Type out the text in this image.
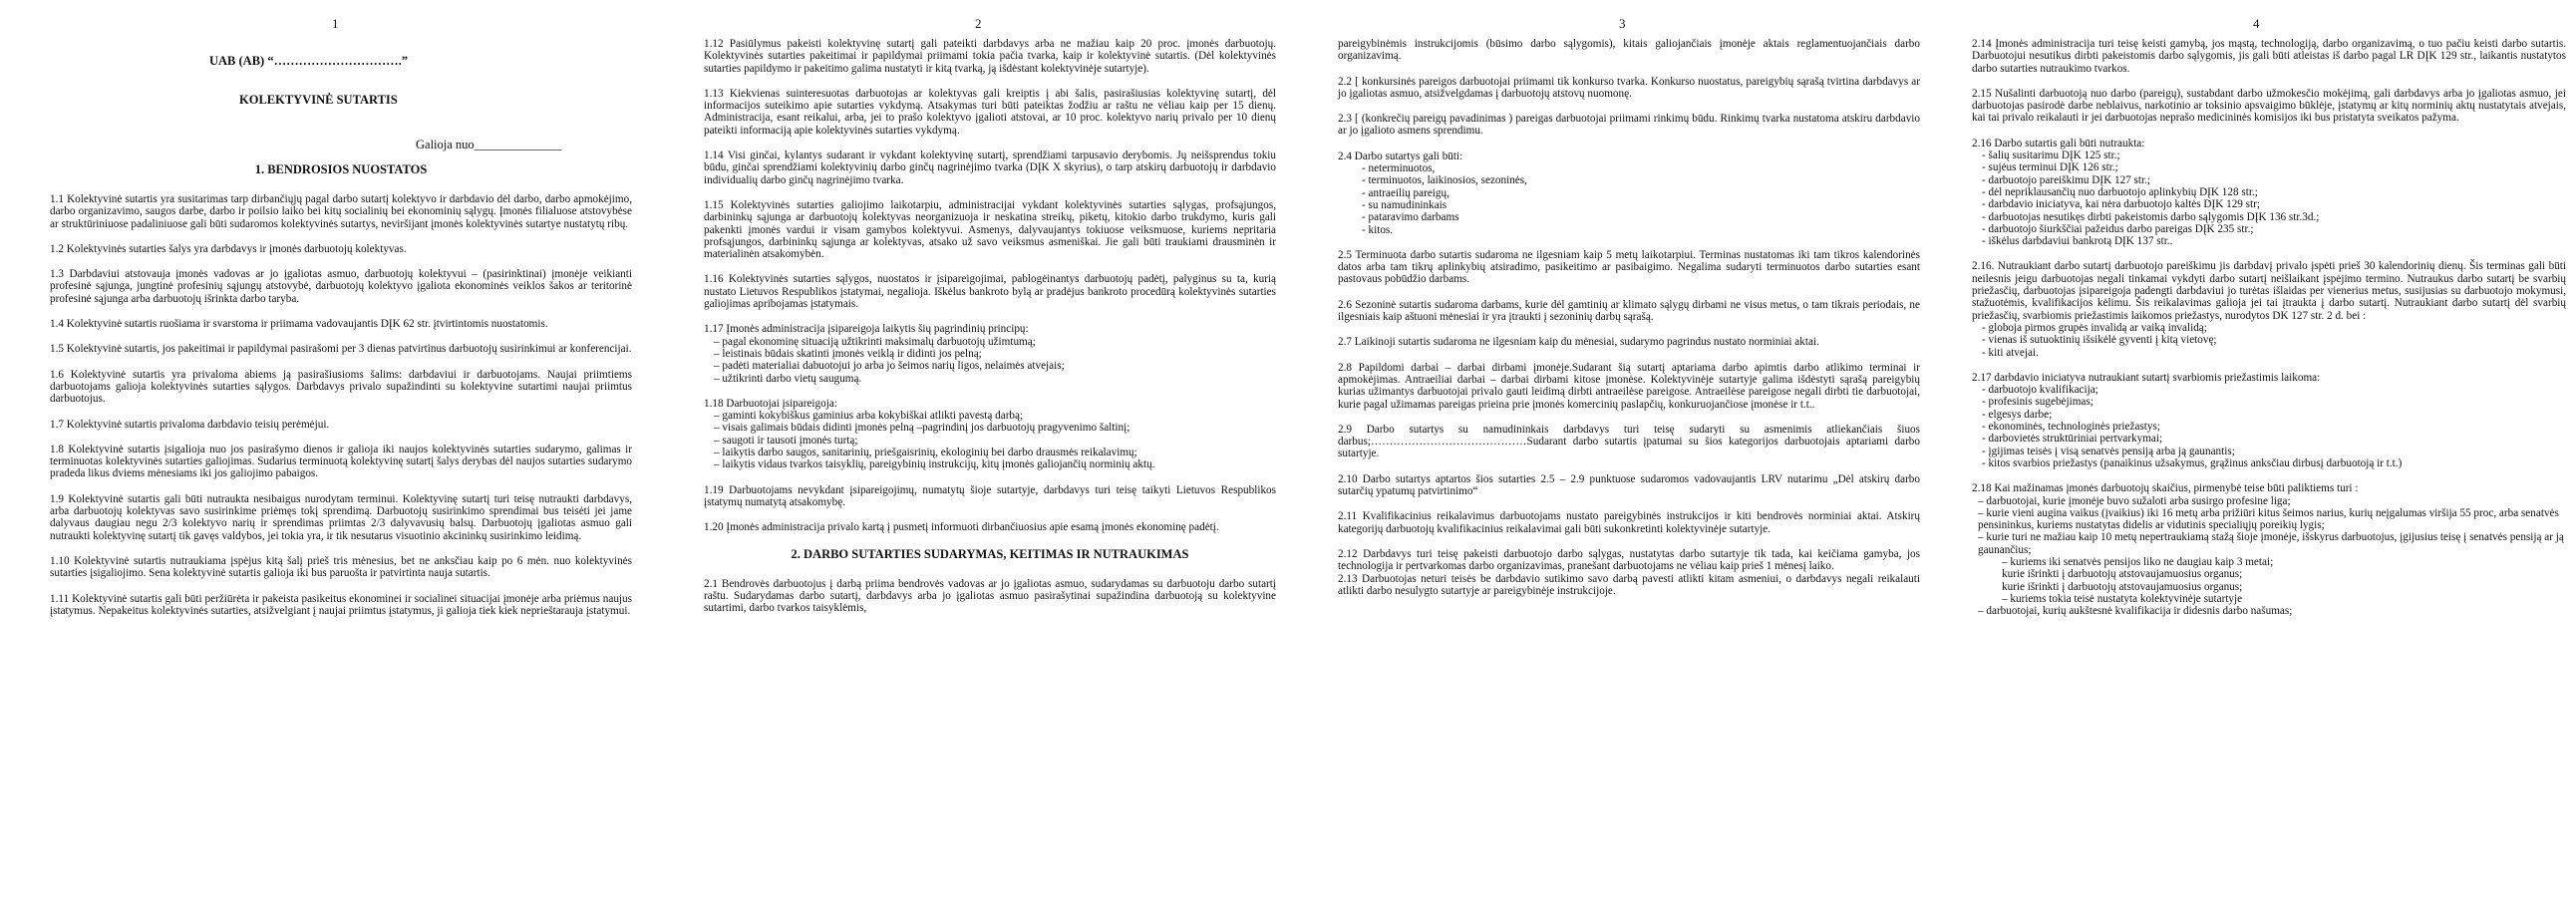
1
UAB (AB) “………………………….”
KOLEKTYVINĖ SUTARTIS
Galioja nuo______________
1. BENDROSIOS NUOSTATOS

1.1 Kolektyvinė sutartis yra susitarimas tarp dirbančiųjų pagal darbo sutartį kolektyvo ir darbdavio dėl darbo, darbo apmokėjimo, darbo organizavimo, saugos darbe, darbo ir poilsio laiko bei kitų socialinių bei ekonominių sąlygų. Įmonės filialuose atstovybėse ar struktūriniuose padaliniuose gali būti sudaromos kolektyvinės sutartys, neviršijant įmonės kolektyvinės sutartye nustatytų ribų.

1.2 Kolektyvinės sutarties šalys yra darbdavys ir įmonės darbuotojų kolektyvas.

1.3 Darbdaviui atstovauja įmonės vadovas ar jo įgaliotas asmuo, darbuotojų kolektyvui – (pasirinktinai) įmonėje veikianti profesinė sąjunga, jungtinė profesinių sąjungų atstovybė, darbuotojų kolektyvo įgaliota ekonominės veiklos šakos ar teritorinė profesinė sąjunga arba darbuotojų išrinkta darbo taryba.

1.4 Kolektyvinė sutartis ruošiama ir svarstoma ir priimama vadovaujantis DĮK 62 str. įtvirtintomis nuostatomis.

1.5 Kolektyvinė sutartis, jos pakeitimai ir papildymai pasirašomi per 3 dienas patvirtinus darbuotojų susirinkimui ar konferencijai.

1.6 Kolektyvinė sutartis yra privaloma abiems ją pasirašiusioms šalims: darbdaviui ir darbuotojams. Naujai priimtiems darbuotojams galioja kolektyvinės sutarties sąlygos. Darbdavys privalo supažindinti su kolektyvine sutartimi naujai priimtus darbuotojus.

1.7 Kolektyvinė sutartis privaloma darbdavio teisių perėmėjui.

1.8 Kolektyvinė sutartis įsigalioja nuo jos pasirašymo dienos ir galioja iki naujos kolektyvinės sutarties sudarymo, galimas ir terminuotas kolektyvinės sutarties galiojimas. Sudarius terminuotą kolektyvinę sutartį šalys derybas dėl naujos sutarties sudarymo pradeda likus dviems mėnesiams iki jos galiojimo pabaigos.

1.9 Kolektyvinė sutartis gali būti nutraukta nesibaigus nurodytam terminui. Kolektyvinę sutartį turi teisę nutraukti darbdavys, arba darbuotojų kolektyvas savo susirinkime priėmęs tokį sprendimą. Darbuotojų susirinkimo sprendimai bus teisėti jei jame dalyvaus daugiau negu 2/3 kolektyvo narių ir sprendimas priimtas 2/3 dalyvavusių balsų. Darbuotojų įgaliotas asmuo gali nutraukti kolektyvinę sutartį tik gavęs valdybos, jei tokia yra, ir tik nesutarus visuotinio akcininkų susirinkimo leidimą.

1.10 Kolektyvinė sutartis nutraukiama įspėjus kitą šalį prieš tris mėnesius, bet ne anksčiau kaip po 6 mėn. nuo kolektyvinės sutarties įsigaliojimo. Sena kolektyvinė sutartis galioja iki bus paruošta ir patvirtinta nauja sutartis.

1.11 Kolektyvinė sutartis gali būti peržiūrėta ir pakeista pasikeitus ekonominei ir socialinei situacijai įmonėje arba priėmus naujus įstatymus. Nepakeitus kolektyvinės sutarties, atsižvelgiant į naujai priimtus įstatymus, ji galioja tiek kiek neprieštarauja įstatymui.

2

1.12 Pasiūlymus pakeisti kolektyvinę sutartį gali pateikti darbdavys arba ne mažiau kaip 20 proc. įmonės darbuotojų. Kolektyvinės sutarties pakeitimai ir papildymai priimami tokia pačia tvarka, kaip ir kolektyvinė sutartis. (Dėl kolektyvinės sutarties papildymo ir pakeitimo galima nustatyti ir kitą tvarką, ją išdėstant kolektyvinėje sutartyje).

1.13 Kiekvienas suinteresuotas darbuotojas ar kolektyvas gali kreiptis į abi šalis, pasirašiusias kolektyvinę sutartį, dėl informacijos suteikimo apie sutarties vykdymą. Atsakymas turi būti pateiktas žodžiu ar raštu ne vėliau kaip per 15 dienų. Administracija, esant reikalui, arba, jei to prašo kolektyvo įgalioti atstovai, ar 10 proc. kolektyvo narių privalo per 10 dienų pateikti informaciją apie kolektyvinės sutarties vykdymą.

1.14 Visi ginčai, kylantys sudarant ir vykdant kolektyvinę sutartį, sprendžiami tarpusavio derybomis. Jų neišsprendus tokiu būdu, ginčai sprendžiami kolektyvinių darbo ginčų nagrinėjimo tvarka (DĮK X skyrius), o tarp atskirų darbuotojų ir darbdavio individualių darbo ginčų nagrinėjimo tvarka.

1.15 Kolektyvinės sutarties galiojimo laikotarpiu, administracijai vykdant kolektyvinės sutarties sąlygas, profsąjungos, darbininkų sąjunga ar darbuotojų kolektyvas neorganizuoja ir neskatina streikų, piketų, kitokio darbo trukdymo, kuris gali pakenkti įmonės vardui ir visam gamybos kolektyvui. Asmenys, dalyvaujantys tokiuose veiksmuose, kuriems nepritaria profsąjungos, darbininkų sąjunga ar kolektyvas, atsako už savo veiksmus asmeniškai. Jie gali būti traukiami drausminėn ir materialinėn atsakomybėn.

1.16 Kolektyvinės sutarties sąlygos, nuostatos ir įsipareigojimai, pablogėinantys darbuotojų padėtį, palyginus su ta, kurią nustato Lietuvos Respublikos įstatymai, negalioja. Iškėlus bankroto bylą ar pradėjus bankroto procedūrą kolektyvinės sutarties galiojimas apribojamas įstatymais.

1.17 Įmonės administracija įsipareigoja laikytis šių pagrindinių principų:

– pagal ekonominę situaciją užtikrinti maksimalų darbuotojų užimtumą;
– leistinais būdais skatinti įmonės veiklą ir didinti jos pelną;
– padėti materialiai dabuotojui jo arba jo šeimos narių ligos, nelaimės atvejais;
– užtikrinti darbo vietų saugumą.

1.18 Darbuotojai įsipareigoja:

– gaminti kokybiškus gaminius arba kokybiškai atlikti pavestą darbą;
– visais galimais būdais didinti įmonės pelną –pagrindinį jos darbuotojų pragyvenimo šaltinį;
– saugoti ir tausoti įmonės turtą;
– laikytis darbo saugos, sanitarinių, priešgaisrinių, ekologinių bei darbo drausmės reikalavimų;
– laikytis vidaus tvarkos taisyklių, pareigybinių instrukcijų, kitų įmonės galiojančių norminių aktų.

1.19 Darbuotojams nevykdant įsipareigojimų, numatytų šioje sutartyje, darbdavys turi teisę taikyti Lietuvos Respublikos įstatymų numatytą atsakomybę.

1.20 Įmonės administracija privalo kartą į pusmetį informuoti dirbančiuosius apie esamą įmonės ekonominę padėtį.

2. DARBO SUTARTIES SUDARYMAS, KEITIMAS IR NUTRAUKIMAS

2.1 Bendrovės darbuotojus į darbą priima bendrovės vadovas ar jo įgaliotas asmuo, sudarydamas su darbuotoju darbo sutartį raštu. Sudarydamas darbo sutartį, darbdavys arba jo įgaliotas asmuo pasirašytinai supažindina darbuotoją su kolektyvine sutartimi, darbo tvarkos taisyklėmis,

3

pareigybinėmis instrukcijomis (būsimo darbo sąlygomis), kitais galiojančiais įmonėje aktais reglamentuojančiais darbo organizavimą.

2.2 [ konkursinės pareigos darbuotojai priimami tik konkurso tvarka. Konkurso nuostatus, pareigybių sąrašą tvirtina darbdavys ar jo įgaliotas asmuo, atsižvelgdamas į darbuotojų atstovų nuomonę.

2.3 [ (konkrečių pareigų pavadinimas ) pareigas darbuotojai priimami rinkimų būdu. Rinkimų tvarka nustatoma atskiru darbdavio ar jo įgalioto asmens sprendimu.

2.4 Darbo sutartys gali būti:

- neterminuotos,
- terminuotos, laikinosios, sezoninės,
- antraeilių pareigų,
- su namudininkais
- pataravimo darbams
- kitos.

2.5 Terminuota darbo sutartis sudaroma ne ilgesniam kaip 5 metų laikotarpiui. Terminas nustatomas iki tam tikros kalendorinės datos arba tam tikrų aplinkybių atsiradimo, pasikeitimo ar pasibaigimo. Negalima sudaryti terminuotos darbo sutarties esant pastovaus pobūdžio darbams.

2.6 Sezoninė sutartis sudaroma darbams, kurie dėl gamtinių ar klimato sąlygų dirbami ne visus metus, o tam tikrais periodais, ne ilgesniais kaip aštuoni mėnesiai ir yra įtraukti į sezoninių darbų sąrašą.

2.7 Laikinoji sutartis sudaroma ne ilgesniam kaip du mėnesiai, sudarymo pagrindus nustato norminiai aktai.

2.8 Papildomi darbai – darbai dirbami įmonėje.Sudarant šią sutartį aptariama darbo apimtis darbo atlikimo terminai ir apmokėjimas. Antraeiliai darbai – darbai dirbami kitose įmonėse. Kolektyvinėje sutartyje galima išdėstyti sąrašą pareigybių kurias užimantys darbuotojai privalo gauti leidimą dirbti antraeilėse pareigose. Antraeilėse pareigose negali dirbti tie darbuotojai, kurie pagal užimamas pareigas prieina prie įmonės komercinių paslapčių, konkuruojančiose įmonėse ir t.t..

2.9 Darbo sutartys su namudininkais darbdavys turi teisę sudaryti su asmenimis atliekančiais šiuos darbus;……………………………………Sudarant darbo sutartis įpatumai su šios kategorijos darbuotojais aptariami darbo sutartyje.

2.10 Darbo sutartys aptartos šios sutarties 2.5 – 2.9 punktuose sudaromos vadovaujantis LRV nutarimu „Dėl atskirų darbo sutarčių ypatumų patvirtinimo“

2.11 Kvalifikacinius reikalavimus darbuotojams nustato pareigybinės instrukcijos ir kiti bendrovės norminiai aktai. Atskirų kategorijų darbuotojų kvalifikacinius reikalavimai gali būti sukonkretinti kolektyvinėje sutartyje.

2.12 Darbdavys turi teisę pakeisti darbuotojo darbo sąlygas, nustatytas darbo sutartyje tik tada, kai keičiama gamyba, jos technologija ir pertvarkomas darbo organizavimas, pranešant darbuotojams ne vėliau kaip prieš 1 mėnesį laiko.

2.13 Darbuotojas neturi teisės be darbdavio sutikimo savo darbą pavesti atlikti kitam asmeniui, o darbdavys negali reikalauti atlikti darbo nesulygto sutartyje ar pareigybinėje instrukcijoje.

4

2.14 Įmonės administracija turi teisę keisti gamybą, jos mąstą, technologiją, darbo organizavimą, o tuo pačiu keisti darbo sutartis. Darbuotojui nesutikus dirbti pakeistomis darbo sąlygomis, jis gali būti atleistas iš darbo pagal LR DĮK 129 str., laikantis nustatytos darbo sutarties nutraukimo tvarkos.

2.15 Nušalinti darbuotoją nuo darbo (pareigų), sustabdant darbo užmokesčio mokėjimą, gali darbdavys arba jo įgaliotas asmuo, jei darbuotojas pasirodė darbe neblaivus, narkotinio ar toksinio apsvaigimo būklėje, įstatymų ar kitų norminių aktų nustatytais atvejais, kai tai privalo reikalauti ir jei darbuotojas neprašo medicininės komisijos iki bus pristatyta sveikatos pažyma.

2.16 Darbo sutartis gali būti nutraukta:

- šalių susitarimu DĮK 125 str.;
- sujėus terminui DĮK 126 str.;
- darbuotojo pareiškimu DĮK 127 str.;
- dėl nepriklausančių nuo darbuotojo aplinkybių DĮK 128 str.;
- darbdavio iniciatyva, kai nėra darbuotojo kaltės DĮK 129 str;
- darbuotojas nesutikęs dirbti pakeistomis darbo sąlygomis DĮK 136 str.3d.;
- darbuotojo šiurkščiai pažeidus darbo pareigas DĮK 235 str.;
- iškėlus darbdaviui bankrotą DĮK 137 str..

2.16. Nutraukiant darbo sutartį darbuotojo pareiškimu jis darbdavį privalo įspėti prieš 30 kalendorinių dienų. Šis terminas gali būti neilesnis jeigu darbuotojas negali tinkamai vykdyti darbo sutartį neišlaikant įspėjimo termino. Nutraukus darbo sutartį be svarbių priežasčių, darbuotojas įsipareigoja padengti darbdaviui jo turėtas išlaidas per vienerius metus, susijusias su darbuotojo mokymusi, stažuotėmis, kvalifikacijos kėlimu. Šis reikalavimas galioja jei tai įtraukta į darbo sutartį. Nutraukiant darbo sutartį dėl svarbių priežasčių, svarbiomis priežastimis laikomos priežastys, nurodytos DK 127 str. 2 d. bei :

- globoja pirmos grupės invalidą ar vaiką invalidą;
- vienas iš sutuoktinių išsikėlė gyventi į kitą vietovę;
- kiti atvejai.

2.17 darbdavio iniciatyva nutraukiant sutartį svarbiomis priežastimis laikoma:

- darbuotojo kvalifikacija;
- profesinis sugebėjimas;
- elgesys darbe;
- ekonominės, technologinės priežastys;
- darbovietės struktūriniai pertvarkymai;
- įgijimas teisės į visą senatvės pensiją arba ją gaunantis;
- kitos svarbios priežastys (panaikinus užsakymus, grąžinus anksčiau dirbusį darbuotoją ir t.t.)

2.18 Kai mažinamas įmonės darbuotojų skaičius, pirmenybė teise būti paliktiems turi :

– darbuotojai, kurie įmonėje buvo sužaloti arba susirgo profesine liga;
– kurie vieni augina vaikus (įvaikius) iki 16 metų arba prižiūri kitus šeimos narius, kurių neįgalumas viršija 55 proc, arba senatvės pensininkus, kuriems nustatytas didelis ar vidutinis specialiųjų poreikių lygis;
– kurie turi ne mažiau kaip 10 metų nepertraukiamą stažą šioje įmonėje, išskyrus darbuotojus, įgijusius teisę į senatvės pensiją ar ją gaunančius;
– kuriems iki senatvės pensijos liko ne daugiau kaip 3 metai;
kurie išrinkti į darbuotojų atstovaujamuosius organus;
kurie išrinkti į darbuotojų atstovaujamuosius organus;
– kuriems tokia teisė nustatyta kolektyvinėje sutartyje
– darbuotojai, kurių aukštesnė kvalifikacija ir didesnis darbo našumas;
